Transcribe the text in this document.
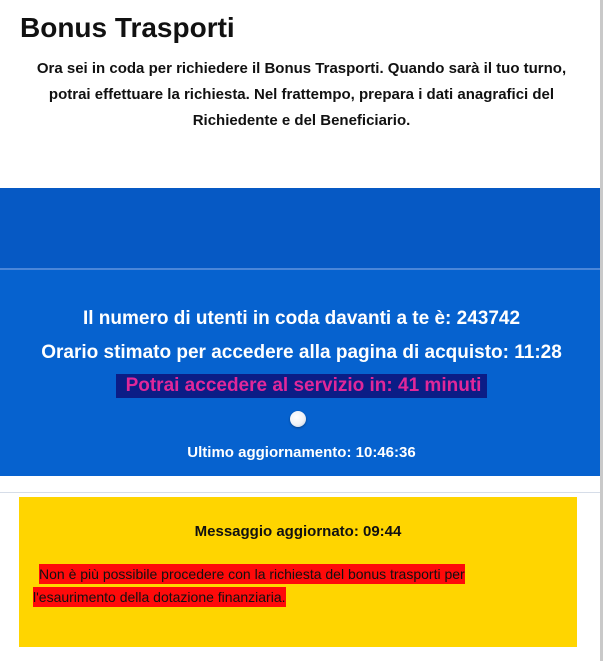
Bonus Trasporti
Ora sei in coda per richiedere il Bonus Trasporti. Quando sarà il tuo turno,
potrai effettuare la richiesta. Nel frattempo, prepara i dati anagrafici del
Richiedente e del Beneficiario.
Il numero di utenti in coda davanti a te è: 243742
Orario stimato per accedere alla pagina di acquisto: 11:28
Potrai accedere al servizio in: 41 minuti
Ultimo aggiornamento: 10:46:36
Messaggio aggiornato: 09:44
Non è più possibile procedere con la richiesta del bonus trasporti per l'esaurimento della dotazione finanziaria.
